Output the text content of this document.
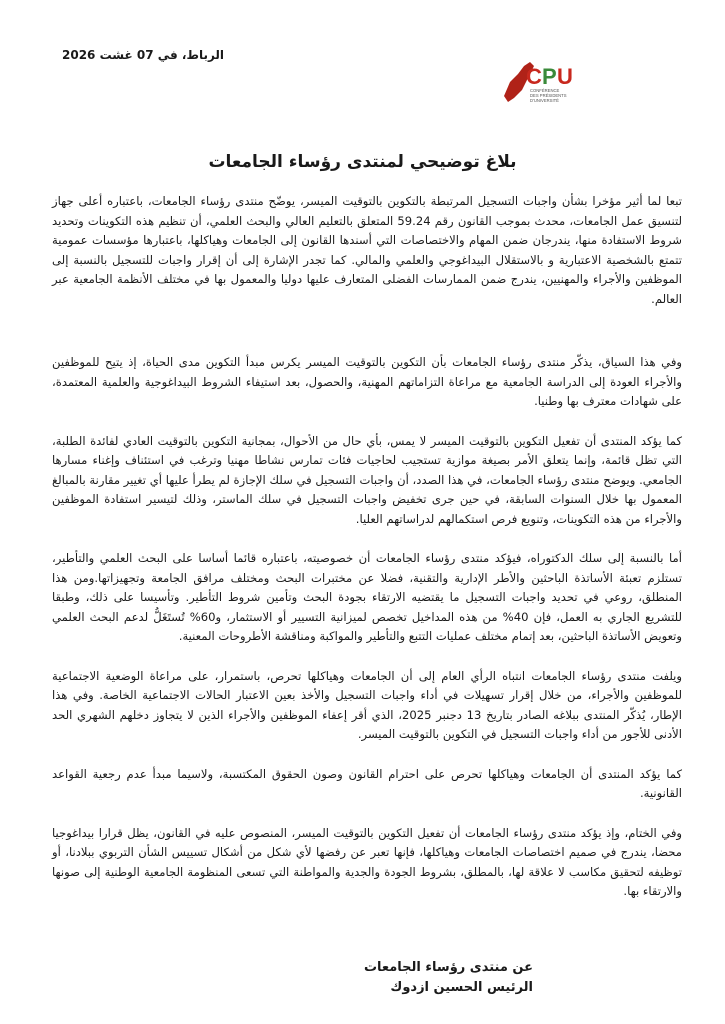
الرباط، في 07 غشت 2026
C P U
CONFÉRENCE
DES PRÉSIDENTS
D'UNIVERSITÉ
بلاغ توضيحي لمنتدى رؤساء الجامعات

تبعا لما أثير مؤخرا بشأن واجبات التسجيل المرتبطة بالتكوين بالتوقيت الميسر، يوضّح منتدى رؤساء الجامعات، باعتباره أعلى جهاز لتنسيق عمل الجامعات، محدث بموجب القانون رقم 59.24 المتعلق بالتعليم العالي والبحث العلمي، أن تنظيم هذه التكوينات وتحديد شروط الاستفادة منها، يندرجان ضمن المهام والاختصاصات التي أسندها القانون إلى الجامعات وهياكلها، باعتبارها مؤسسات عمومية تتمتع بالشخصية الاعتبارية و بالاستقلال البيداغوجي والعلمي والمالي. كما تجدر الإشارة إلى أن إقرار واجبات للتسجيل بالنسبة إلى الموظفين والأجراء والمهنيين، يندرج ضمن الممارسات الفضلى المتعارف عليها دوليا والمعمول بها في مختلف الأنظمة الجامعية عبر العالم.

وفي هذا السياق، يذكّر منتدى رؤساء الجامعات بأن التكوين بالتوقيت الميسر يكرس مبدأ التكوين مدى الحياة، إذ يتيح للموظفين والأجراء العودة إلى الدراسة الجامعية مع مراعاة التزاماتهم المهنية، والحصول، بعد استيفاء الشروط البيداغوجية والعلمية المعتمدة، على شهادات معترف بها وطنيا.

كما يؤكد المنتدى أن تفعيل التكوين بالتوقيت الميسر لا يمس، بأي حال من الأحوال، بمجانية التكوين بالتوقيت العادي لفائدة الطلبة، التي تظل قائمة، وإنما يتعلق الأمر بصيغة موازية تستجيب لحاجيات فئات تمارس نشاطا مهنيا وترغب في استئناف وإغناء مسارها الجامعي. ويوضح منتدى رؤساء الجامعات، في هذا الصدد، أن واجبات التسجيل في سلك الإجازة لم يطرأ عليها أي تغيير مقارنة بالمبالغ المعمول بها خلال السنوات السابقة، في حين جرى تخفيض واجبات التسجيل في سلك الماستر، وذلك لتيسير استفادة الموظفين والأجراء من هذه التكوينات، وتنويع فرص استكمالهم لدراساتهم العليا.

أما بالنسبة إلى سلك الدكتوراه، فيؤكد منتدى رؤساء الجامعات أن خصوصيته، باعتباره قائما أساسا على البحث العلمي والتأطير، تستلزم تعبئة الأساتذة الباحثين والأطر الإدارية والتقنية، فضلا عن مختبرات البحث ومختلف مرافق الجامعة وتجهيزاتها.ومن هذا المنطلق، روعي في تحديد واجبات التسجيل ما يقتضيه الارتقاء بجودة البحث وتأمين شروط التأطير. وتأسيسا على ذلك، وطبقا للتشريع الجاري به العمل، فإن 40% من هذه المداخيل تخصص لميزانية التسيير أو الاستثمار، و60% تُستَغَلُّ لدعم البحث العلمي وتعويض الأساتذة الباحثين، بعد إتمام مختلف عمليات التتبع والتأطير والمواكبة ومناقشة الأطروحات المعنية.

ويلفت منتدى رؤساء الجامعات انتباه الرأي العام إلى أن الجامعات وهياكلها تحرص، باستمرار، على مراعاة الوضعية الاجتماعية للموظفين والأجراء، من خلال إقرار تسهيلات في أداء واجبات التسجيل والأخذ بعين الاعتبار الحالات الاجتماعية الخاصة. وفي هذا الإطار، يُذكّر المنتدى ببلاغه الصادر بتاريخ 13 دجنبر 2025، الذي أقر إعفاء الموظفين والأجراء الذين لا يتجاوز دخلهم الشهري الحد الأدنى للأجور من أداء واجبات التسجيل في التكوين بالتوقيت الميسر.

كما يؤكد المنتدى أن الجامعات وهياكلها تحرص على احترام القانون وصون الحقوق المكتسبة، ولاسيما مبدأ عدم رجعية القواعد القانونية.

وفي الختام، وإذ يؤكد منتدى رؤساء الجامعات أن تفعيل التكوين بالتوقيت الميسر، المنصوص عليه في القانون، يظل قرارا بيداغوجيا محضا، يندرج في صميم اختصاصات الجامعات وهياكلها، فإنها تعبر عن رفضها لأي شكل من أشكال تسييس الشأن التربوي ببلادنا، أو توظيفه لتحقيق مكاسب لا علاقة لها، بالمطلق، بشروط الجودة والجدية والمواطنة التي تسعى المنظومة الجامعية الوطنية إلى صونها والارتقاء بها.

عن منتدى رؤساء الجامعات
الرئيس الحسين ازدوك
